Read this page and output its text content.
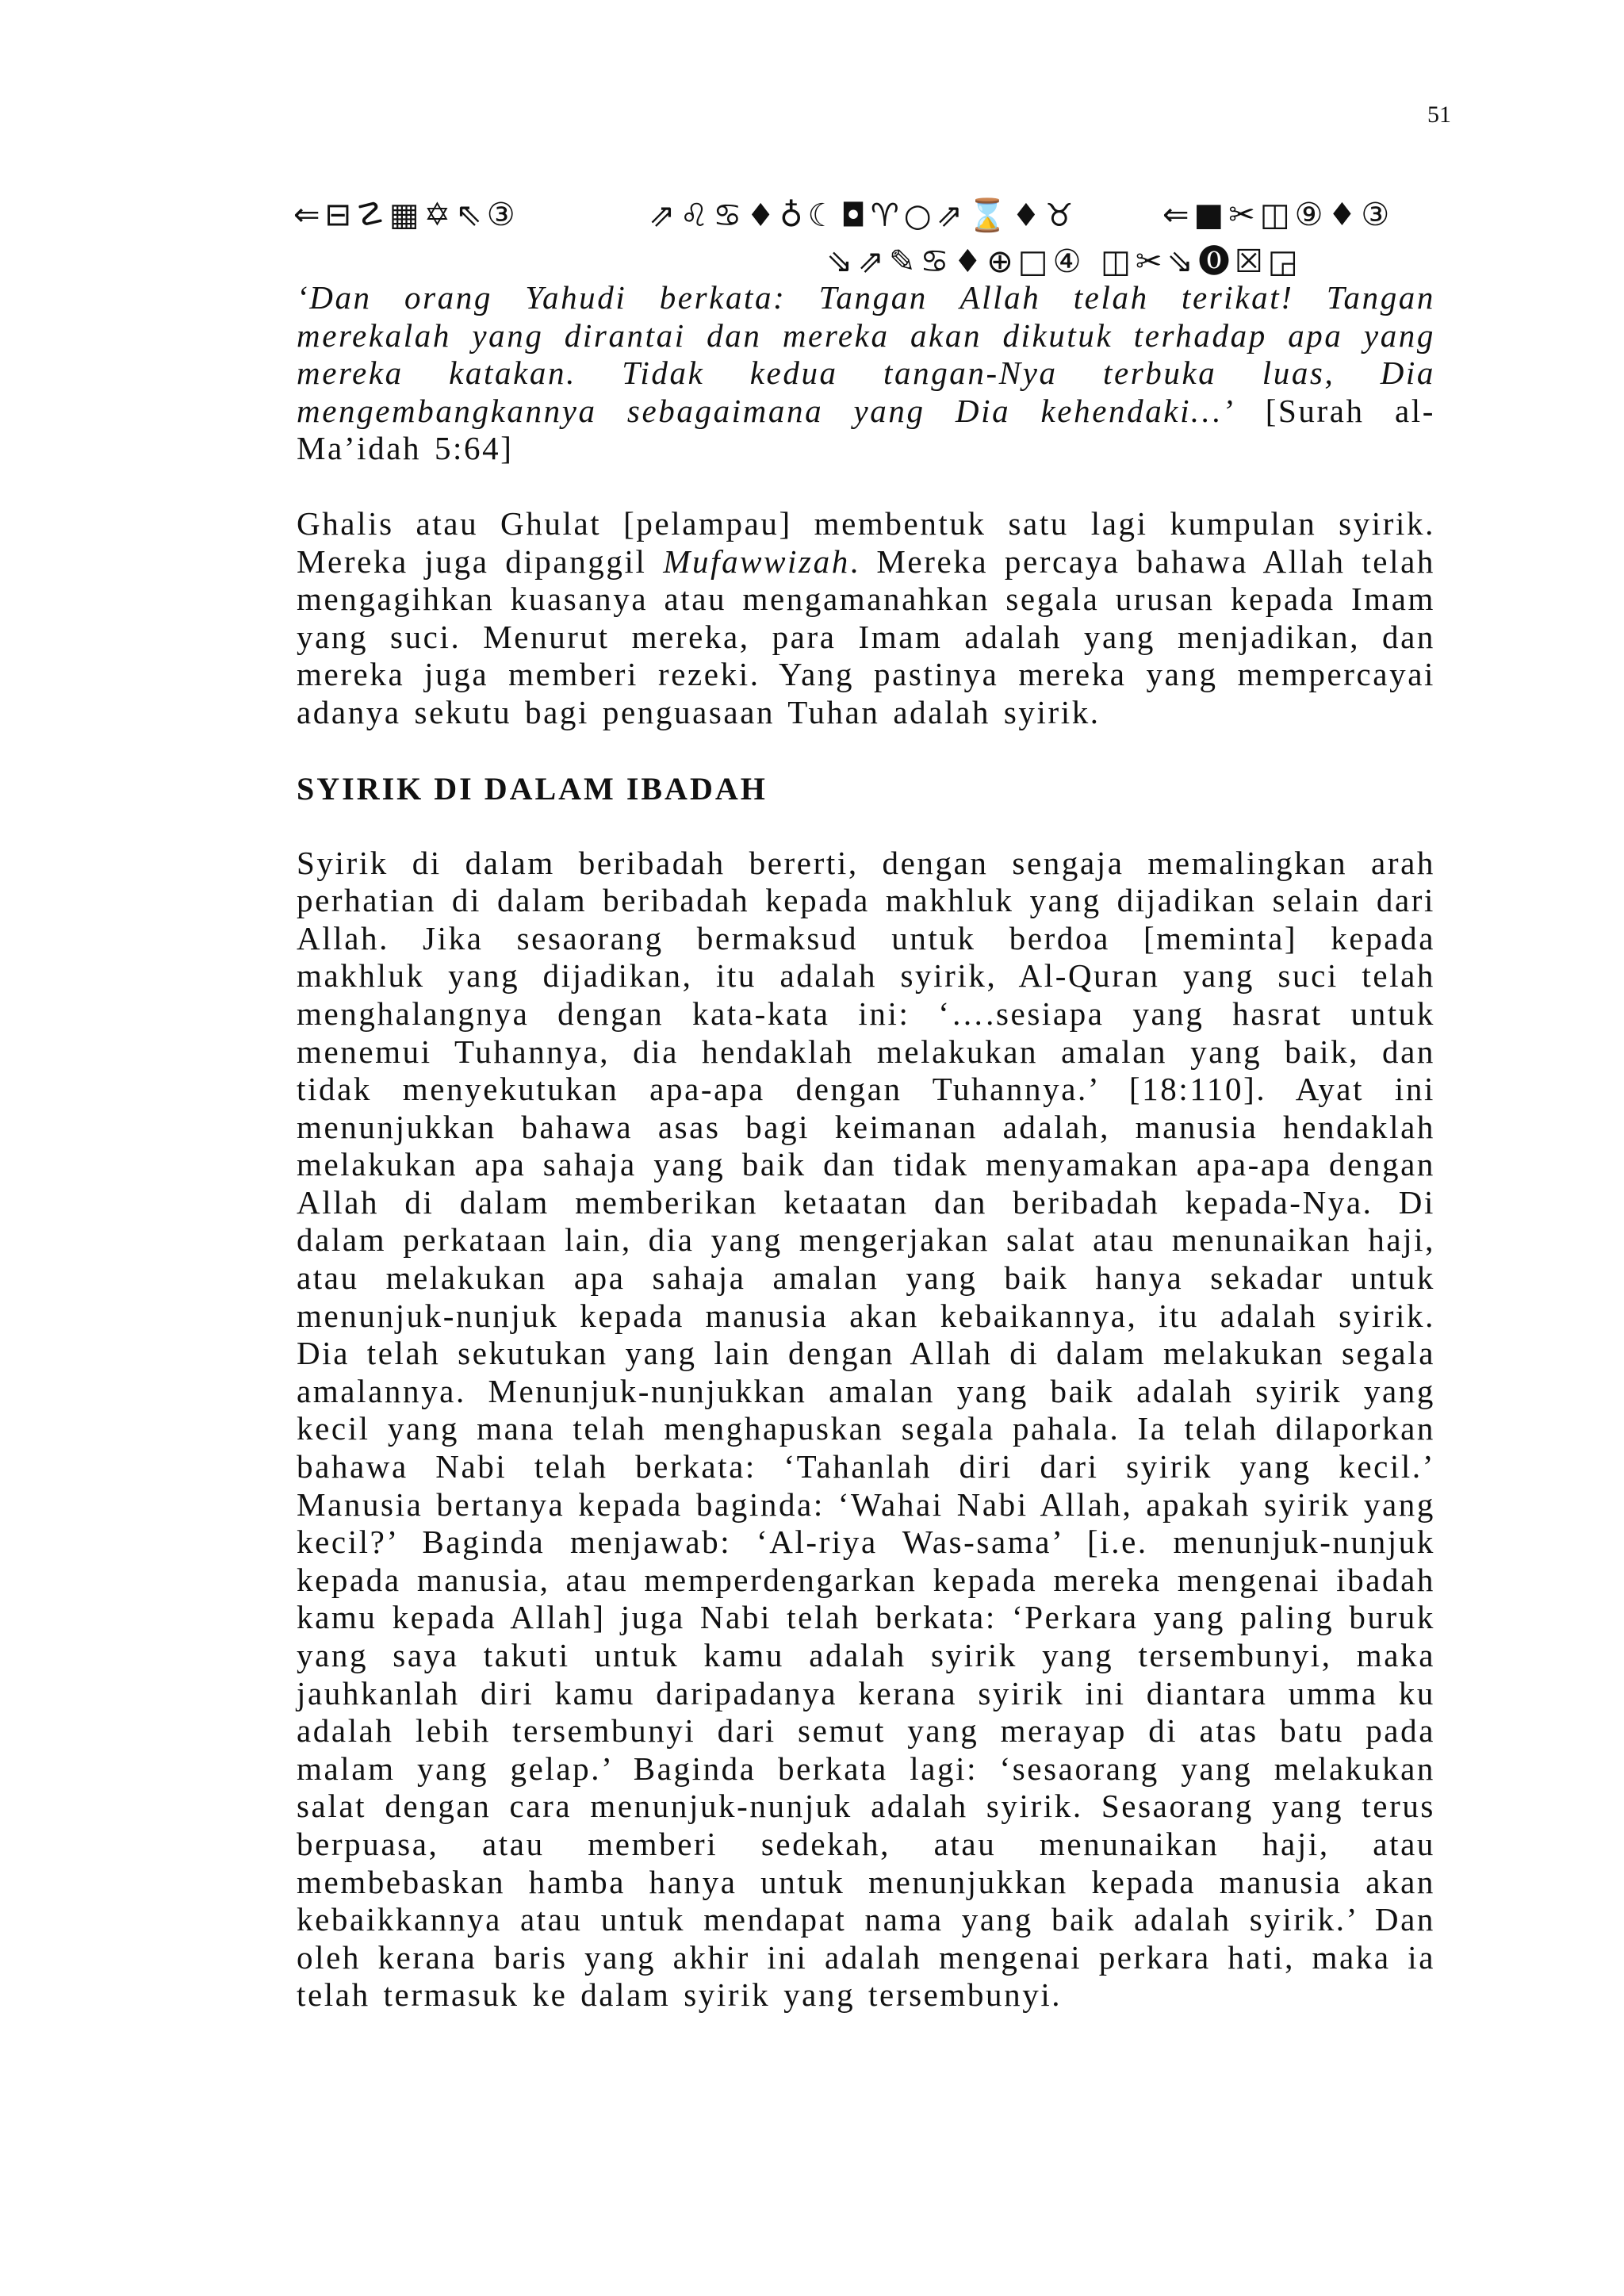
51
⇐⊟☡▦✡⇖③	⇗♌♋♦♁☾◘♈○⇗⌛♦♉	⇐■✂◫⑨♦③
⇘⇗✎♋♦⊕□④ ◫✂⇘⓿☒◲

‘Dan orang Yahudi berkata: Tangan Allah telah terikat! Tangan merekalah yang dirantai dan mereka akan dikutuk terhadap apa yang mereka katakan. Tidak kedua tangan-Nya terbuka luas, Dia mengembangkannya sebagaimana yang Dia kehendaki…’ [Surah al-Ma’idah 5:64]

Ghalis atau Ghulat [pelampau] membentuk satu lagi kumpulan syirik. Mereka juga dipanggil Mufawwizah. Mereka percaya bahawa Allah telah mengagihkan kuasanya atau mengamanahkan segala urusan kepada Imam yang suci. Menurut mereka, para Imam adalah yang menjadikan, dan mereka juga memberi rezeki. Yang pastinya mereka yang mempercayai adanya sekutu bagi penguasaan Tuhan adalah syirik.

SYIRIK DI DALAM IBADAH

Syirik di dalam beribadah bererti, dengan sengaja memalingkan arah perhatian di dalam beribadah kepada makhluk yang dijadikan selain dari Allah. Jika sesaorang bermaksud untuk berdoa [meminta] kepada makhluk yang dijadikan, itu adalah syirik, Al-Quran yang suci telah menghalangnya dengan kata-kata ini: ‘….sesiapa yang hasrat untuk menemui Tuhannya, dia hendaklah melakukan amalan yang baik, dan tidak menyekutukan apa-apa dengan Tuhannya.’ [18:110]. Ayat ini menunjukkan bahawa asas bagi keimanan adalah, manusia hendaklah melakukan apa sahaja yang baik dan tidak menyamakan apa-apa dengan Allah di dalam memberikan ketaatan dan beribadah kepada-Nya. Di dalam perkataan lain, dia yang mengerjakan salat atau menunaikan haji, atau melakukan apa sahaja amalan yang baik hanya sekadar untuk menunjuk-nunjuk kepada manusia akan kebaikannya, itu adalah syirik. Dia telah sekutukan yang lain dengan Allah di dalam melakukan segala amalannya. Menunjuk-nunjukkan amalan yang baik adalah syirik yang kecil yang mana telah menghapuskan segala pahala. Ia telah dilaporkan bahawa Nabi telah berkata: ‘Tahanlah diri dari syirik yang kecil.’ Manusia bertanya kepada baginda: ‘Wahai Nabi Allah, apakah syirik yang kecil?’ Baginda menjawab: ‘Al-riya Was-sama’ [i.e. menunjuk-nunjuk kepada manusia, atau memperdengarkan kepada mereka mengenai ibadah kamu kepada Allah] juga Nabi telah berkata: ‘Perkara yang paling buruk yang saya takuti untuk kamu adalah syirik yang tersembunyi, maka jauhkanlah diri kamu daripadanya kerana syirik ini diantara umma ku adalah lebih tersembunyi dari semut yang merayap di atas batu pada malam yang gelap.’ Baginda berkata lagi: ‘sesaorang yang melakukan salat dengan cara menunjuk-nunjuk adalah syirik. Sesaorang yang terus berpuasa, atau memberi sedekah, atau menunaikan haji, atau membebaskan hamba hanya untuk menunjukkan kepada manusia akan kebaikkannya atau untuk mendapat nama yang baik adalah syirik.’ Dan oleh kerana baris yang akhir ini adalah mengenai perkara hati, maka ia telah termasuk ke dalam syirik yang tersembunyi.
